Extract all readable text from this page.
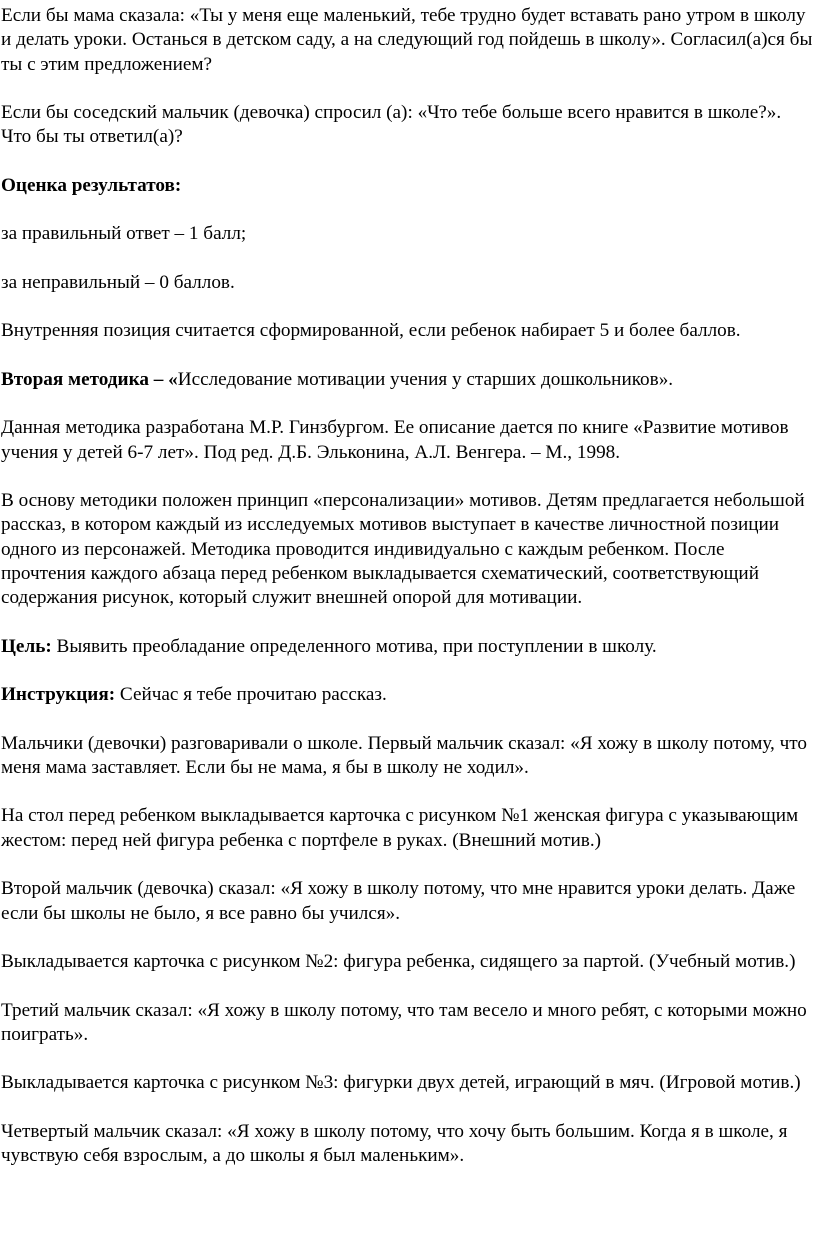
Если бы мама сказала: «Ты у меня еще маленький, тебе трудно будет вставать рано утром в школу и делать уроки. Останься в детском саду, а на следующий год пойдешь в школу». Согласил(а)ся бы ты с этим предложением?

Если бы соседский мальчик (девочка) спросил (а): «Что тебе больше всего нравится в школе?». Что бы ты ответил(а)?

Оценка результатов:

за правильный ответ – 1 балл;

за неправильный – 0 баллов.

Внутренняя позиция считается сформированной, если ребенок набирает 5 и более баллов.

Вторая методика – «Исследование мотивации учения у старших дошкольников».

Данная методика разработана М.Р. Гинзбургом. Ее описание дается по книге «Развитие мотивов учения у детей 6-7 лет». Под ред. Д.Б. Эльконина, А.Л. Венгера. – М., 1998.

В основу методики положен принцип «персонализации» мотивов. Детям предлагается небольшой рассказ, в котором каждый из исследуемых мотивов выступает в качестве личностной позиции одного из персонажей. Методика проводится индивидуально с каждым ребенком. После прочтения каждого абзаца перед ребенком выкладывается схематический, соответствующий содержания рисунок, который служит внешней опорой для мотивации.

Цель: Выявить преобладание определенного мотива, при поступлении в школу.

Инструкция: Сейчас я тебе прочитаю рассказ.

Мальчики (девочки) разговаривали о школе. Первый мальчик сказал: «Я хожу в школу потому, что меня мама заставляет. Если бы не мама, я бы в школу не ходил».

На стол перед ребенком выкладывается карточка с рисунком №1 женская фигура с указывающим жестом: перед ней фигура ребенка с портфеле в руках. (Внешний мотив.)

Второй мальчик (девочка) сказал: «Я хожу в школу потому, что мне нравится уроки делать. Даже если бы школы не было, я все равно бы учился».

Выкладывается карточка с рисунком №2: фигура ребенка, сидящего за партой. (Учебный мотив.)

Третий мальчик сказал: «Я хожу в школу потому, что там весело и много ребят, с которыми можно поиграть».

Выкладывается карточка с рисунком №3: фигурки двух детей, играющий в мяч. (Игровой мотив.)

Четвертый мальчик сказал: «Я хожу в школу потому, что хочу быть большим. Когда я в школе, я чувствую себя взрослым, а до школы я был маленьким».
